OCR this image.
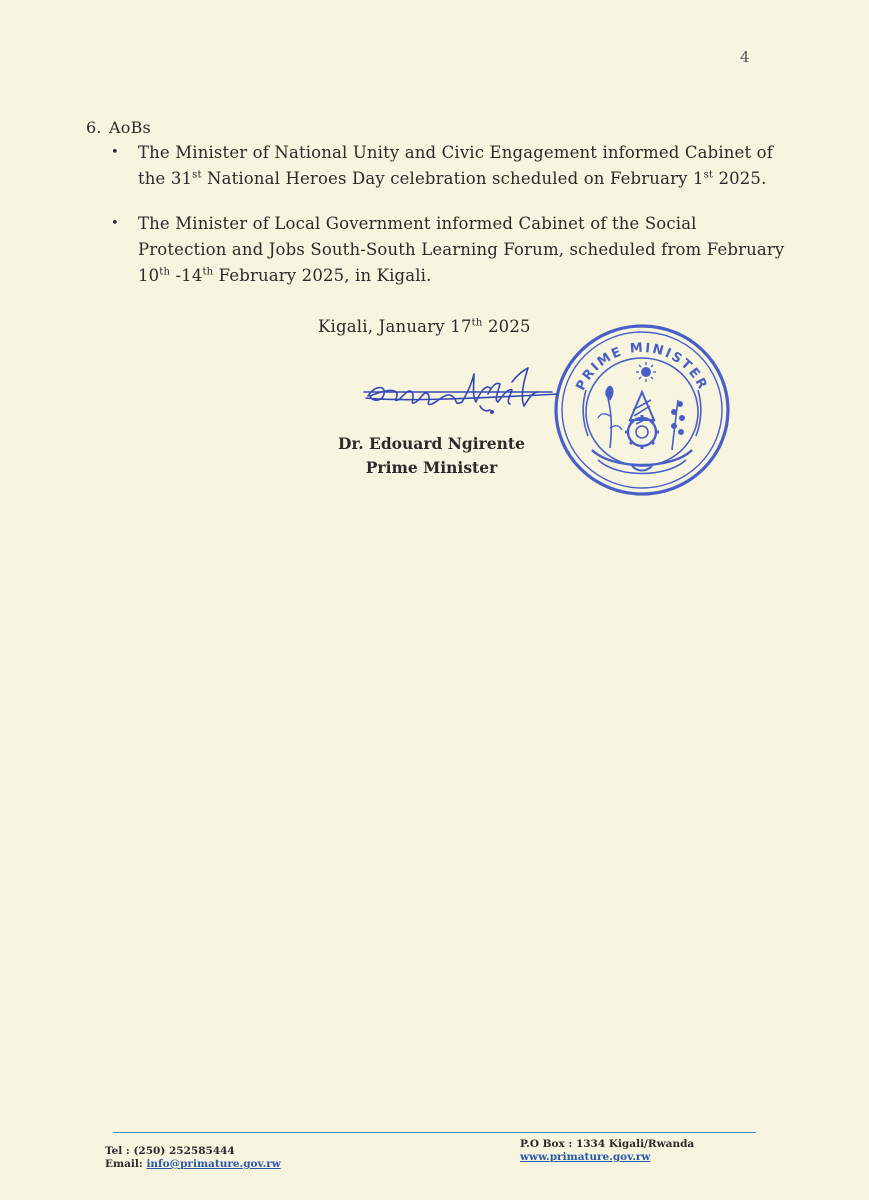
4
6. AoBs
• The Minister of National Unity and Civic Engagement informed Cabinet of the 31st National Heroes Day celebration scheduled on February 1st 2025.
• The Minister of Local Government informed Cabinet of the Social Protection and Jobs South-South Learning Forum, scheduled from February 10th -14th February 2025, in Kigali.
Kigali, January 17th 2025
Dr. Edouard Ngirente
Prime Minister
PRIME MINISTER
Tel : (250) 252585444
Email: info@primature.gov.rw
P.O Box : 1334 Kigali/Rwanda
www.primature.gov.rw
